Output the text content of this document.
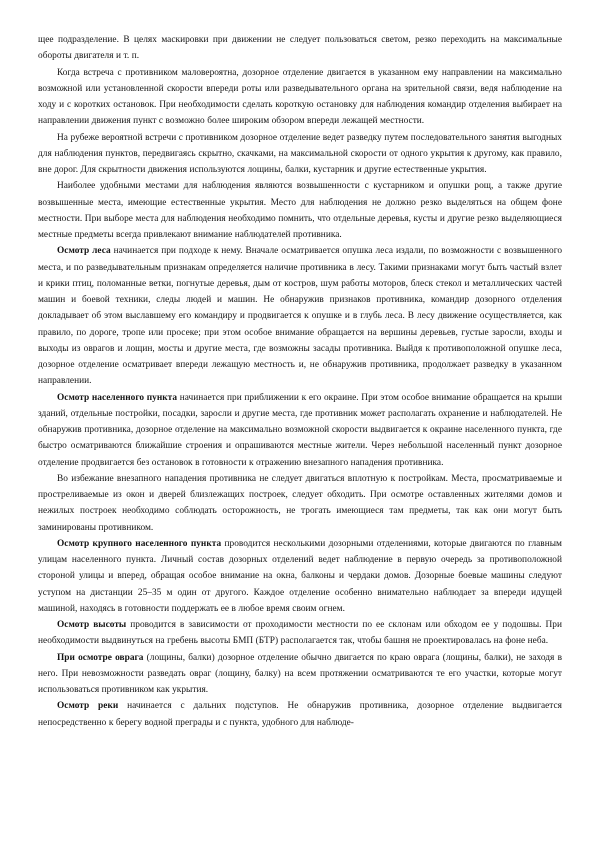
щее подразделение. В целях маскировки при движении не следует пользоваться светом, резко переходить на максимальные обороты двигателя и т. п.

Когда встреча с противником маловероятна, дозорное отделение двигается в указанном ему направлении на максимально возможной или установленной скорости впереди роты или разведывательного органа на зрительной связи, ведя наблюдение на ходу и с коротких остановок. При необходимости сделать короткую остановку для наблюдения командир отделения выбирает на направлении движения пункт с возможно более широким обзором впереди лежащей местности.

На рубеже вероятной встречи с противником дозорное отделение ведет разведку путем последовательного занятия выгодных для наблюдения пунктов, передвигаясь скрытно, скачками, на максимальной скорости от одного укрытия к другому, как правило, вне дорог. Для скрытности движения используются лощины, балки, кустарник и другие естественные укрытия.

Наиболее удобными местами для наблюдения являются возвышенности с кустарником и опушки рощ, а также другие возвышенные места, имеющие естественные укрытия. Место для наблюдения не должно резко выделяться на общем фоне местности. При выборе места для наблюдения необходимо помнить, что отдельные деревья, кусты и другие резко выделяющиеся местные предметы всегда привлекают внимание наблюдателей противника.

Осмотр леса начинается при подходе к нему. Вначале осматривается опушка леса издали, по возможности с возвышенного места, и по разведывательным признакам определяется наличие противника в лесу. Такими признаками могут быть частый взлет и крики птиц, поломанные ветки, погнутые деревья, дым от костров, шум работы моторов, блеск стекол и металлических частей машин и боевой техники, следы людей и машин. Не обнаружив признаков противника, командир дозорного отделения докладывает об этом выславшему его командиру и продвигается к опушке и в глубь леса. В лесу движение осуществляется, как правило, по дороге, тропе или просеке; при этом особое внимание обращается на вершины деревьев, густые заросли, входы и выходы из оврагов и лощин, мосты и другие места, где возможны засады противника. Выйдя к противоположной опушке леса, дозорное отделение осматривает впереди лежащую местность и, не обнаружив противника, продолжает разведку в указанном направлении.

Осмотр населенного пункта начинается при приближении к его окраине. При этом особое внимание обращается на крыши зданий, отдельные постройки, посадки, заросли и другие места, где противник может располагать охранение и наблюдателей. Не обнаружив противника, дозорное отделение на максимально возможной скорости выдвигается к окраине населенного пункта, где быстро осматриваются ближайшие строения и опрашиваются местные жители. Через небольшой населенный пункт дозорное отделение продвигается без остановок в готовности к отражению внезапного нападения противника.

Во избежание внезапного нападения противника не следует двигаться вплотную к постройкам. Места, просматриваемые и простреливаемые из окон и дверей близлежащих построек, следует обходить. При осмотре оставленных жителями домов и нежилых построек необходимо соблюдать осторожность, не трогать имеющиеся там предметы, так как они могут быть заминированы противником.

Осмотр крупного населенного пункта проводится несколькими дозорными отделениями, которые двигаются по главным улицам населенного пункта. Личный состав дозорных отделений ведет наблюдение в первую очередь за противоположной стороной улицы и вперед, обращая особое внимание на окна, балконы и чердаки домов. Дозорные боевые машины следуют уступом на дистанции 25–35 м один от другого. Каждое отделение особенно внимательно наблюдает за впереди идущей машиной, находясь в готовности поддержать ее в любое время своим огнем.

Осмотр высоты проводится в зависимости от проходимости местности по ее склонам или обходом ее у подошвы. При необходимости выдвинуться на гребень высоты БМП (БТР) располагается так, чтобы башня не проектировалась на фоне неба.

При осмотре оврага (лощины, балки) дозорное отделение обычно двигается по краю оврага (лощины, балки), не заходя в него. При невозможности разведать овраг (лощину, балку) на всем протяжении осматриваются те его участки, которые могут использоваться противником как укрытия.

Осмотр реки начинается с дальних подступов. Не обнаружив противника, дозорное отделение выдвигается непосредственно к берегу водной преграды и с пункта, удобного для наблюде-
